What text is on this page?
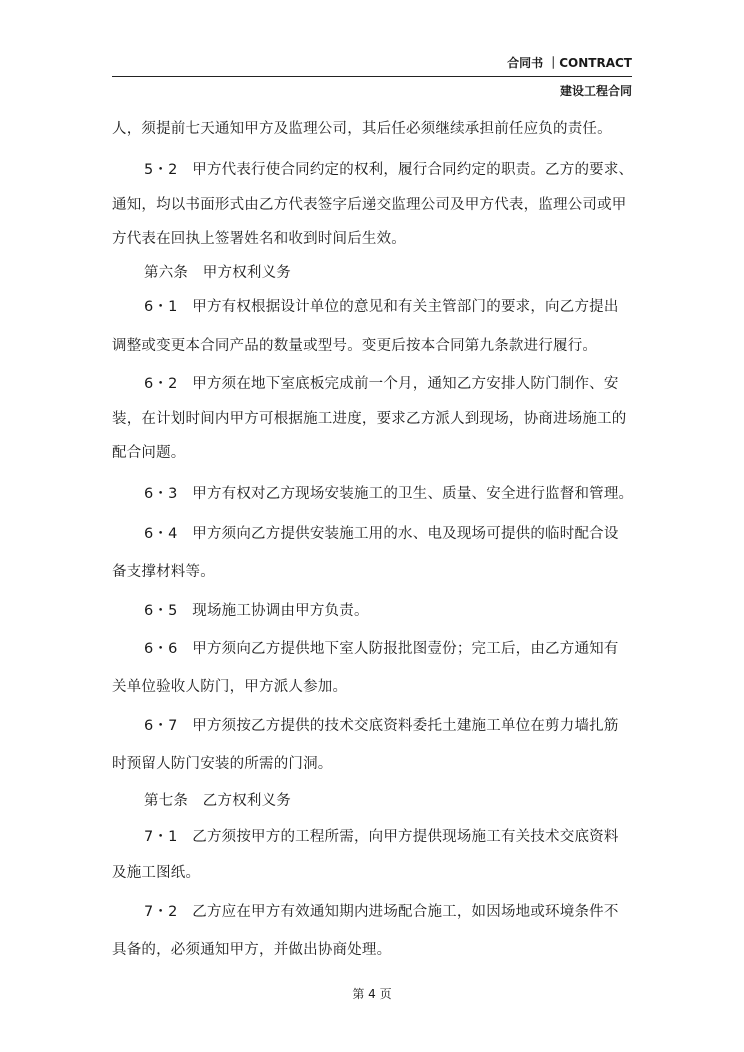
合同书 ｜CONTRACT
建设工程合同
人，须提前七天通知甲方及监理公司，其后任必须继续承担前任应负的责任。
5・2　甲方代表行使合同约定的权利，履行合同约定的职责。乙方的要求、
通知，均以书面形式由乙方代表签字后递交监理公司及甲方代表，监理公司或甲
方代表在回执上签署姓名和收到时间后生效。
第六条　甲方权利义务
6・1　甲方有权根据设计单位的意见和有关主管部门的要求，向乙方提出
调整或变更本合同产品的数量或型号。变更后按本合同第九条款进行履行。
6・2　甲方须在地下室底板完成前一个月，通知乙方安排人防门制作、安
装，在计划时间内甲方可根据施工进度，要求乙方派人到现场，协商进场施工的
配合问题。
6・3　甲方有权对乙方现场安装施工的卫生、质量、安全进行监督和管理。
6・4　甲方须向乙方提供安装施工用的水、电及现场可提供的临时配合设
备支撑材料等。
6・5　现场施工协调由甲方负责。
6・6　甲方须向乙方提供地下室人防报批图壹份；完工后，由乙方通知有
关单位验收人防门，甲方派人参加。
6・7　甲方须按乙方提供的技术交底资料委托土建施工单位在剪力墙扎筋
时预留人防门安装的所需的门洞。
第七条　乙方权利义务
7・1　乙方须按甲方的工程所需，向甲方提供现场施工有关技术交底资料
及施工图纸。
7・2　乙方应在甲方有效通知期内进场配合施工，如因场地或环境条件不
具备的，必须通知甲方，并做出协商处理。
第 4 页
